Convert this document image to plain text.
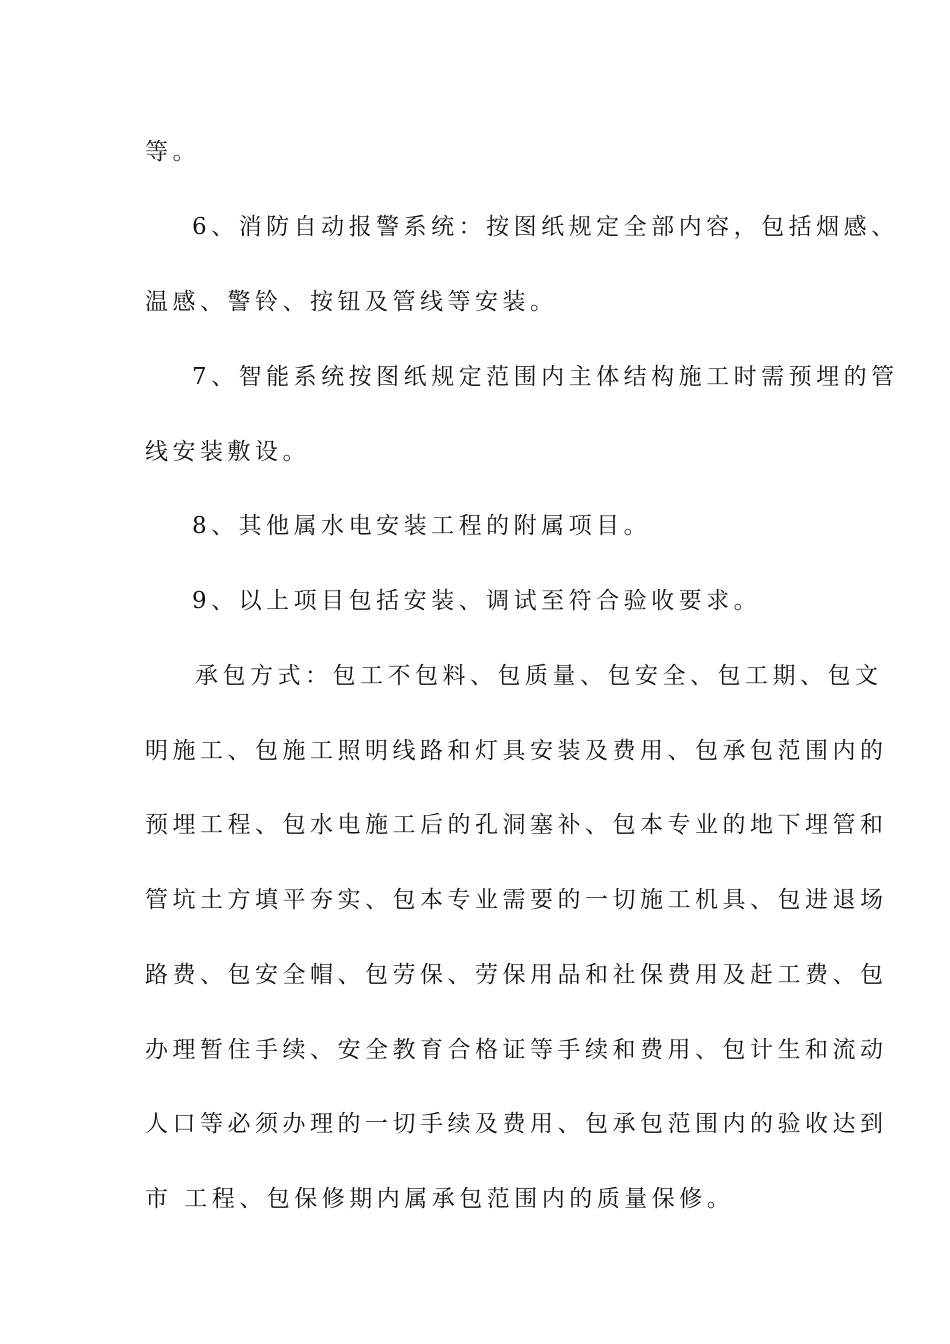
等。
6、消防自动报警系统：按图纸规定全部内容，包括烟感、
温感、警铃、按钮及管线等安装。
7、智能系统按图纸规定范围内主体结构施工时需预埋的管
线安装敷设。
8、其他属水电安装工程的附属项目。
9、以上项目包括安装、调试至符合验收要求。
承包方式：包工不包料、包质量、包安全、包工期、包文
明施工、包施工照明线路和灯具安装及费用、包承包范围内的
预埋工程、包水电施工后的孔洞塞补、包本专业的地下埋管和
管坑土方填平夯实、包本专业需要的一切施工机具、包进退场
路费、包安全帽、包劳保、劳保用品和社保费用及赶工费、包
办理暂住手续、安全教育合格证等手续和费用、包计生和流动
人口等必须办理的一切手续及费用、包承包范围内的验收达到
市 工程、包保修期内属承包范围内的质量保修。
